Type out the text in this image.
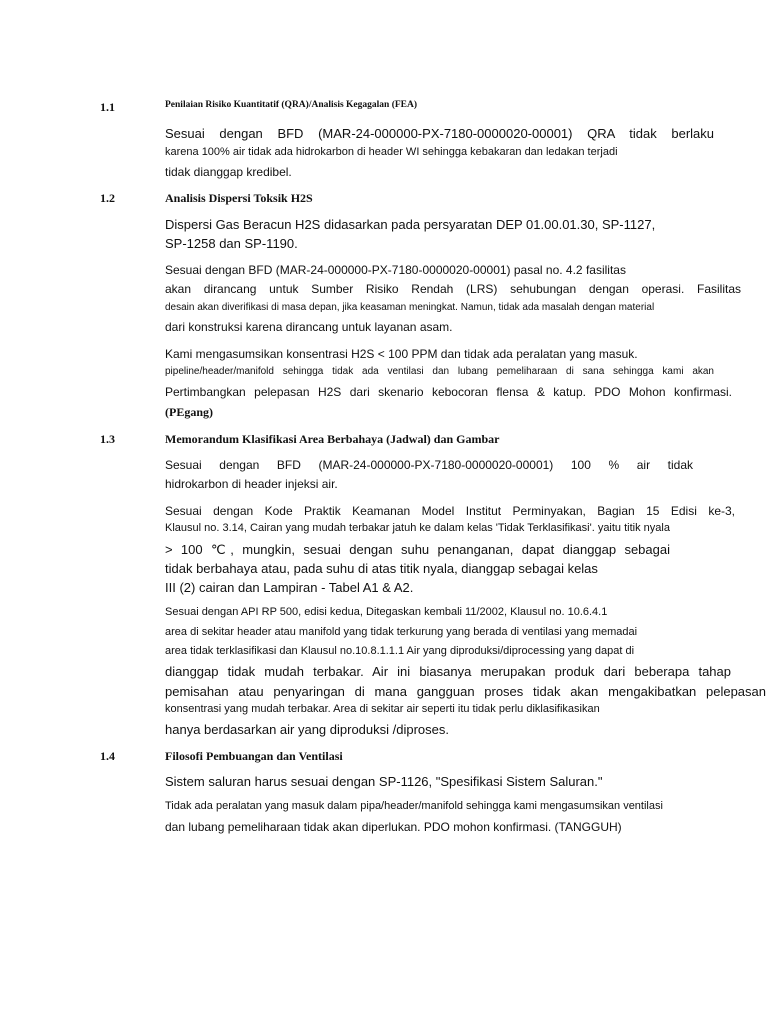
1.1	Penilaian Risiko Kuantitatif (QRA)/Analisis Kegagalan (FEA)
Sesuai dengan BFD (MAR-24-000000-PX-7180-0000020-00001) QRA tidak berlaku
karena 100% air tidak ada hidrokarbon di header WI sehingga kebakaran dan ledakan terjadi
tidak dianggap kredibel.
1.2	Analisis Dispersi Toksik H2S
Dispersi Gas Beracun H2S didasarkan pada persyaratan DEP 01.00.01.30, SP-1127,
SP-1258 dan SP-1190.
Sesuai dengan BFD (MAR-24-000000-PX-7180-0000020-00001) pasal no. 4.2 fasilitas
akan dirancang untuk Sumber Risiko Rendah (LRS) sehubungan dengan operasi. Fasilitas
desain akan diverifikasi di masa depan, jika keasaman meningkat. Namun, tidak ada masalah dengan material
dari konstruksi karena dirancang untuk layanan asam.
Kami mengasumsikan konsentrasi H2S < 100 PPM dan tidak ada peralatan yang masuk.
pipeline/header/manifold sehingga tidak ada ventilasi dan lubang pemeliharaan di sana sehingga kami akan
Pertimbangkan pelepasan H2S dari skenario kebocoran flensa & katup. PDO Mohon konfirmasi.
(PEgang)
1.3	Memorandum Klasifikasi Area Berbahaya (Jadwal) dan Gambar
Sesuai dengan BFD (MAR-24-000000-PX-7180-0000020-00001) 100 % air tidak
hidrokarbon di header injeksi air.
Sesuai dengan Kode Praktik Keamanan Model Institut Perminyakan, Bagian 15 Edisi ke-3,
Klausul no. 3.14, Cairan yang mudah terbakar jatuh ke dalam kelas 'Tidak Terklasifikasi'. yaitu titik nyala
> 100 ℃, mungkin, sesuai dengan suhu penanganan, dapat dianggap sebagai
tidak berbahaya atau, pada suhu di atas titik nyala, dianggap sebagai kelas
III (2) cairan dan Lampiran - Tabel A1 & A2.
Sesuai dengan API RP 500, edisi kedua, Ditegaskan kembali 11/2002, Klausul no. 10.6.4.1
area di sekitar header atau manifold yang tidak terkurung yang berada di ventilasi yang memadai
area tidak terklasifikasi dan Klausul no.10.8.1.1.1 Air yang diproduksi/diprocessing yang dapat di
dianggap tidak mudah terbakar. Air ini biasanya merupakan produk dari beberapa tahap
pemisahan atau penyaringan di mana gangguan proses tidak akan mengakibatkan pelepasan
konsentrasi yang mudah terbakar. Area di sekitar air seperti itu tidak perlu diklasifikasikan
hanya berdasarkan air yang diproduksi /diproses.
1.4	Filosofi Pembuangan dan Ventilasi
Sistem saluran harus sesuai dengan SP-1126, "Spesifikasi Sistem Saluran."
Tidak ada peralatan yang masuk dalam pipa/header/manifold sehingga kami mengasumsikan ventilasi
dan lubang pemeliharaan tidak akan diperlukan. PDO mohon konfirmasi. (TANGGUH)
